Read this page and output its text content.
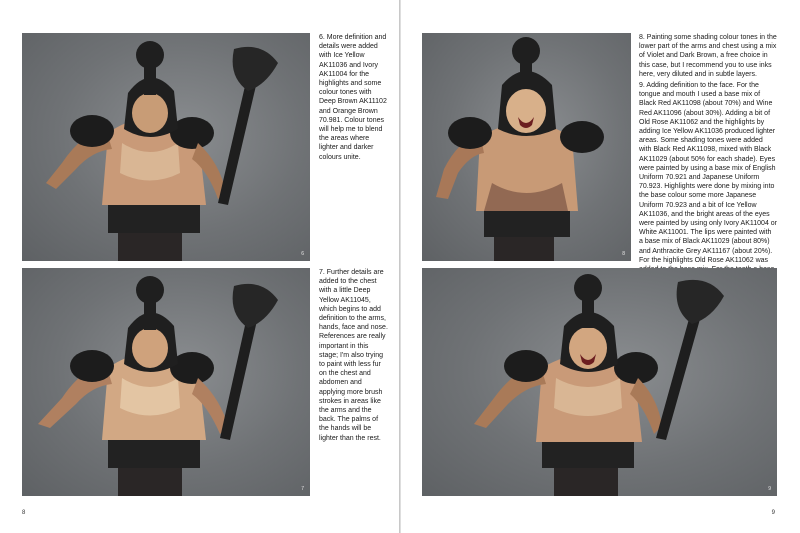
6

6. More definition and details were added with Ice Yellow AK11036 and Ivory AK11004 for the highlights and some colour tones with Deep Brown AK11102 and Orange Brown 70.981. Colour tones will help me to blend the areas where lighter and darker colours unite.

7

7. Further details are added to the chest with a little Deep Yellow AK11045, which begins to add definition to the arms, hands, face and nose. References are really important in this stage; I'm also trying to paint with less fur on the chest and abdomen and applying more brush strokes in areas like the arms and the back. The palms of the hands will be lighter than the rest.

8
8

8. Painting some shading colour tones in the lower part of the arms and chest using a mix of Violet and Dark Brown, a free choice in this case, but I recommend you to use inks here, very diluted and in subtle layers.

9. Adding definition to the face. For the tongue and mouth I used a base mix of Black Red AK11098 (about 70%) and Wine Red AK11096 (about 30%). Adding a bit of Old Rose AK11062 and the highlights by adding Ice Yellow AK11036 produced lighter areas. Some shading tones were added with Black Red AK11098, mixed with Black AK11029 (about 50% for each shade). Eyes were painted by using a base mix of English Uniform 70.921 and Japanese Uniform 70.923. Highlights were done by mixing into the base colour some more Japanese Uniform 70.923 and a bit of Ice Yellow AK11036, and the bright areas of the eyes were painted by using only Ivory AK11004 or White AK11001. The lips were painted with a base mix of Black AK11029 (about 80%) and Anthracite Grey AK11167 (about 20%). For the highlights Old Rose AK11062 was

9
9
